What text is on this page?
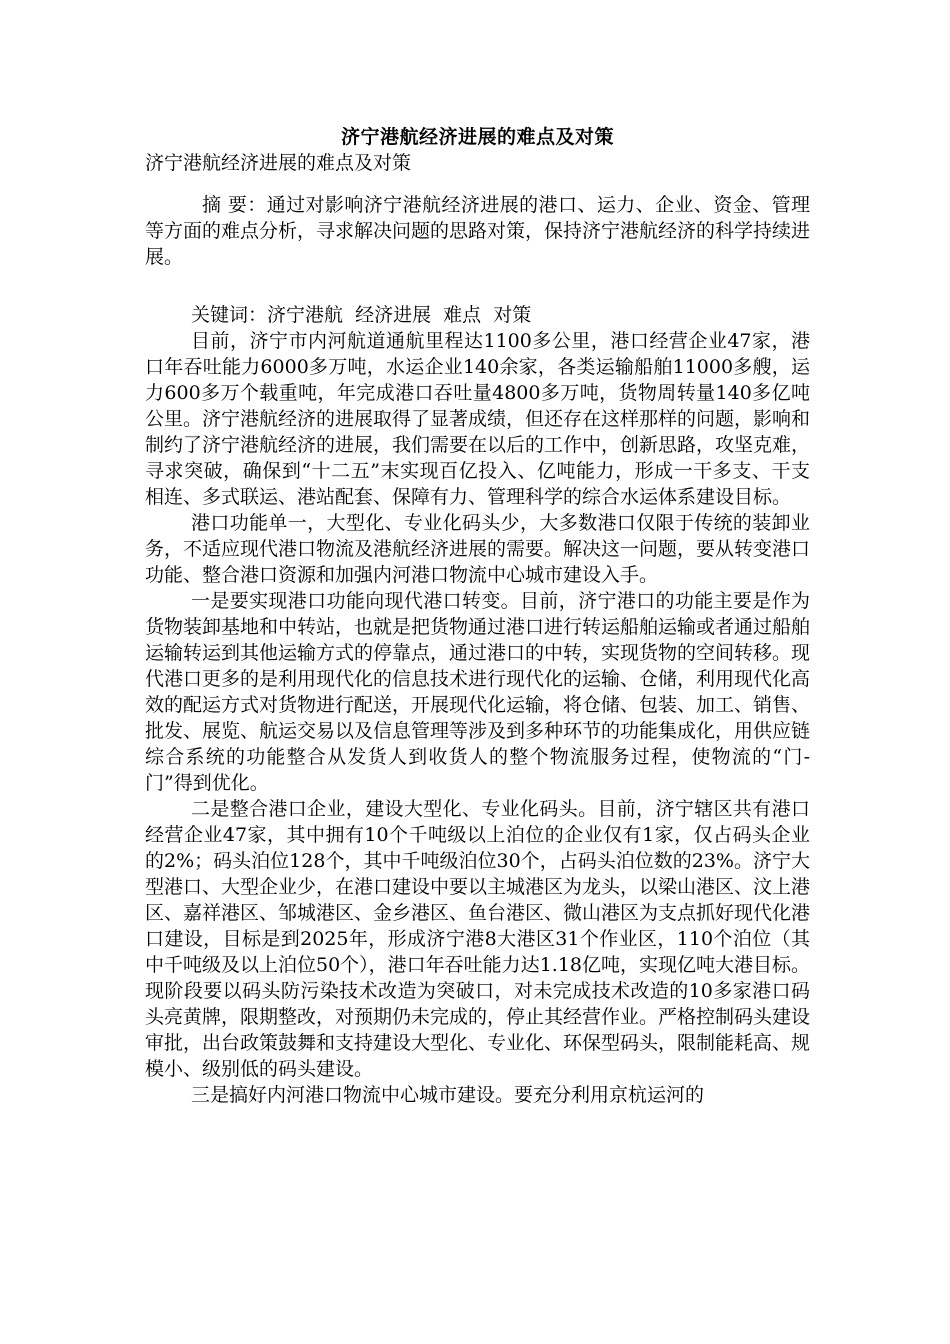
济宁港航经济进展的难点及对策

济宁港航经济进展的难点及对策

摘 要：通过对影响济宁港航经济进展的港口、运力、企业、资金、管理等方面的难点分析，寻求解决问题的思路对策，保持济宁港航经济的科学持续进展。

关键词：济宁港航  经济进展  难点  对策

目前，济宁市内河航道通航里程达1100多公里，港口经营企业47家，港口年吞吐能力6000多万吨，水运企业140余家，各类运输船舶11000多艘，运力600多万个载重吨，年完成港口吞吐量4800多万吨，货物周转量140多亿吨公里。济宁港航经济的进展取得了显著成绩，但还存在这样那样的问题，影响和制约了济宁港航经济的进展，我们需要在以后的工作中，创新思路，攻坚克难，寻求突破，确保到“十二五”末实现百亿投入、亿吨能力，形成一干多支、干支相连、多式联运、港站配套、保障有力、管理科学的综合水运体系建设目标。

港口功能单一，大型化、专业化码头少，大多数港口仅限于传统的装卸业务，不适应现代港口物流及港航经济进展的需要。解决这一问题，要从转变港口功能、整合港口资源和加强内河港口物流中心城市建设入手。

一是要实现港口功能向现代港口转变。目前，济宁港口的功能主要是作为货物装卸基地和中转站，也就是把货物通过港口进行转运船舶运输或者通过船舶运输转运到其他运输方式的停靠点，通过港口的中转，实现货物的空间转移。现代港口更多的是利用现代化的信息技术进行现代化的运输、仓储，利用现代化高效的配运方式对货物进行配送，开展现代化运输，将仓储、包装、加工、销售、批发、展览、航运交易以及信息管理等涉及到多种环节的功能集成化，用供应链综合系统的功能整合从发货人到收货人的整个物流服务过程，使物流的“门-门”得到优化。

二是整合港口企业，建设大型化、专业化码头。目前，济宁辖区共有港口经营企业47家，其中拥有10个千吨级以上泊位的企业仅有1家，仅占码头企业的2%；码头泊位128个，其中千吨级泊位30个，占码头泊位数的23%。济宁大型港口、大型企业少，在港口建设中要以主城港区为龙头，以梁山港区、汶上港区、嘉祥港区、邹城港区、金乡港区、鱼台港区、微山港区为支点抓好现代化港口建设，目标是到2025年，形成济宁港8大港区31个作业区，110个泊位（其中千吨级及以上泊位50个），港口年吞吐能力达1.18亿吨，实现亿吨大港目标。现阶段要以码头防污染技术改造为突破口，对未完成技术改造的10多家港口码头亮黄牌，限期整改，对预期仍未完成的，停止其经营作业。严格控制码头建设审批，出台政策鼓舞和支持建设大型化、专业化、环保型码头，限制能耗高、规模小、级别低的码头建设。

三是搞好内河港口物流中心城市建设。要充分利用京杭运河的
